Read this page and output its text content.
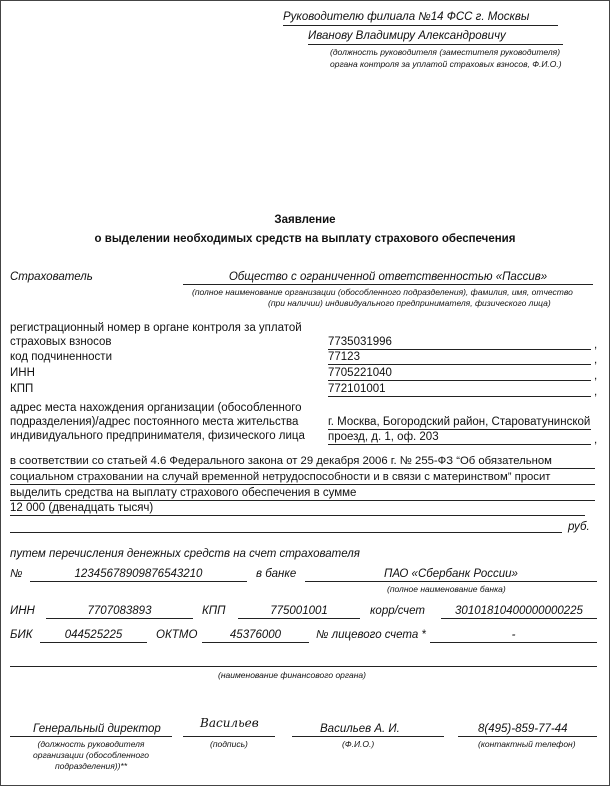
Руководителю филиала №14 ФСС г. Москвы
Иванову Владимиру Александровичу
(должность руководителя (заместителя руководителя)
органа контроля за уплатой страховых взносов, Ф.И.О.)
Заявление
о выделении необходимых средств на выплату страхового обеспечения
Страхователь	Общество с ограниченной ответственностью «Пассив»
(полное наименование организации (обособленного подразделения), фамилия, имя, отчество
(при наличии) индивидуального предпринимателя, физического лица)
регистрационный номер в органе контроля за уплатой
страховых взносов	7735031996	,
код подчиненности	77123	,
ИНН	7705221040	,
КПП	772101001	,
адрес места нахождения организации (обособленного
подразделения)/адрес постоянного места жительства
индивидуального предпринимателя, физического лица
г. Москва, Богородский район, Староватунинской
проезд, д. 1, оф. 203	,
в соответствии со статьей 4.6 Федерального закона от 29 декабря 2006 г. № 255-ФЗ “Об обязательном
социальном страховании на случай временной нетрудоспособности и в связи с материнством” просит
выделить средства на выплату страхового обеспечения в сумме
12 000 (двенадцать тысяч)
руб.
путем перечисления денежных средств на счет страхователя
№	12345678909876543210	в банке	ПАО «Сбербанк России»
(полное наименование банка)
ИНН	7707083893	КПП	775001001	корр/счет	30101810400000000225
БИК	044525225	ОКТМО	45376000	№ лицевого счета *	-
(наименование финансового органа)
Генеральный директор
(должность руководителя
организации (обособленного
подразделения))**
Васильев
(подпись)
Васильев А. И.
(Ф.И.О.)
8(495)-859-77-44
(контактный телефон)
